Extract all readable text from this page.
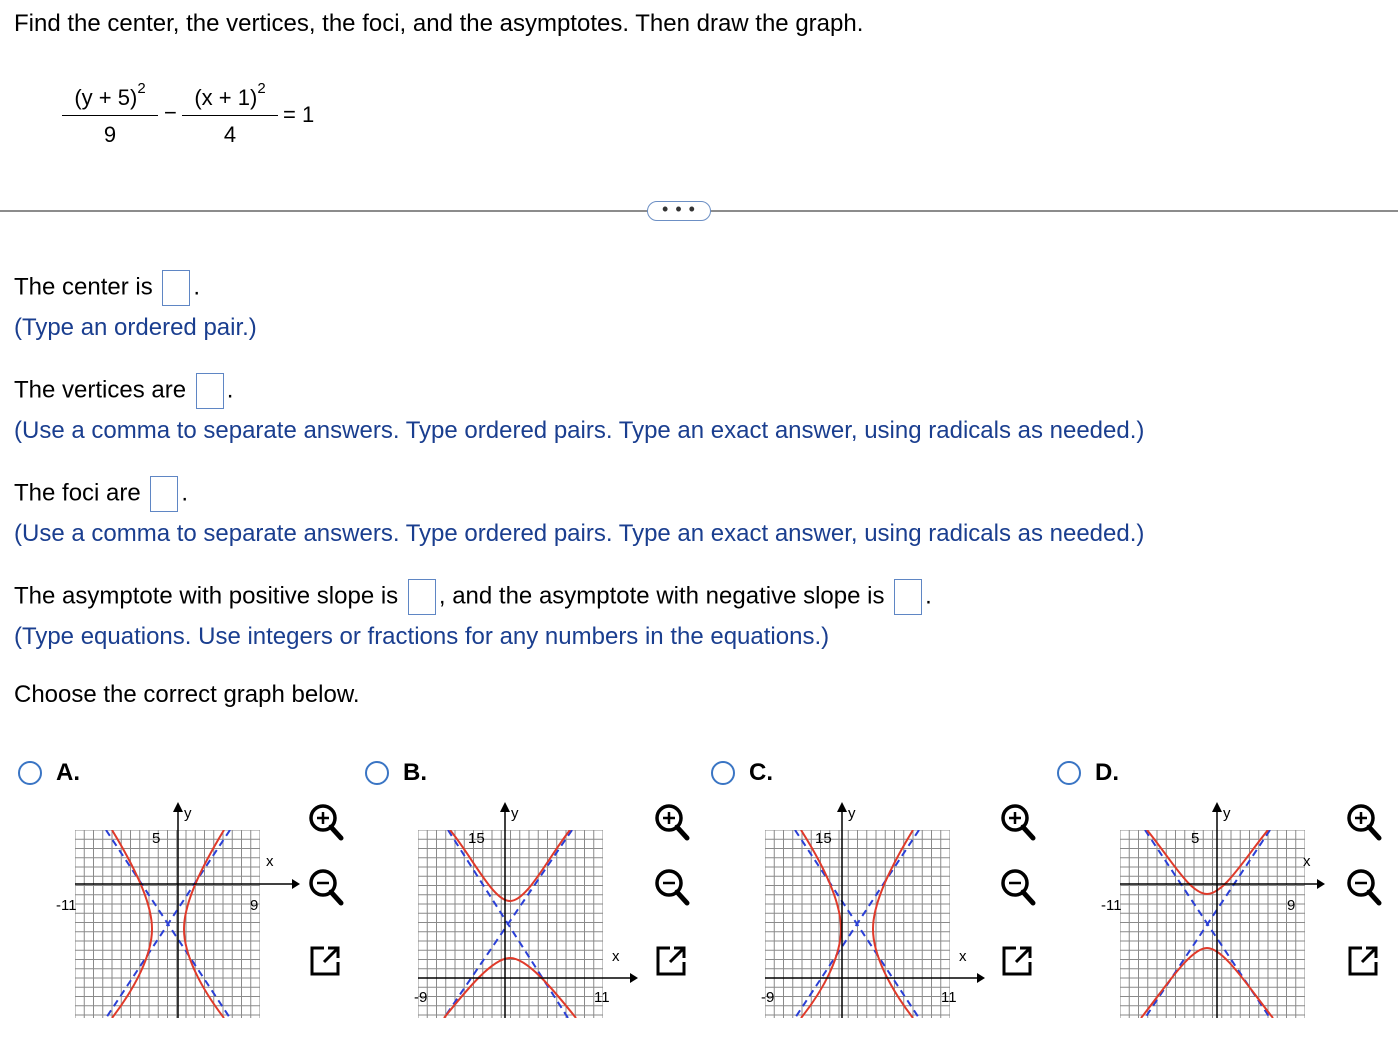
Find the center, the vertices, the foci, and the asymptotes. Then draw the graph.
$\frac{(y + 5)^2}{9} - \frac{(x + 1)^2}{4} = 1$
• • •
The center is .
(Type an ordered pair.)
The vertices are .
(Use a comma to separate answers. Type ordered pairs. Type an exact answer, using radicals as needed.)
The foci are .
(Use a comma to separate answers. Type ordered pairs. Type an exact answer, using radicals as needed.)
The asymptote with positive slope is , and the asymptote with negative slope is .
(Type equations. Use integers or fractions for any numbers in the equations.)
Choose the correct graph below.
A.	B.	C.	D.
y
x
5
-11	9
y
x
15
-9	11
y
x
15
-9	11
y
x
5
-11	9
